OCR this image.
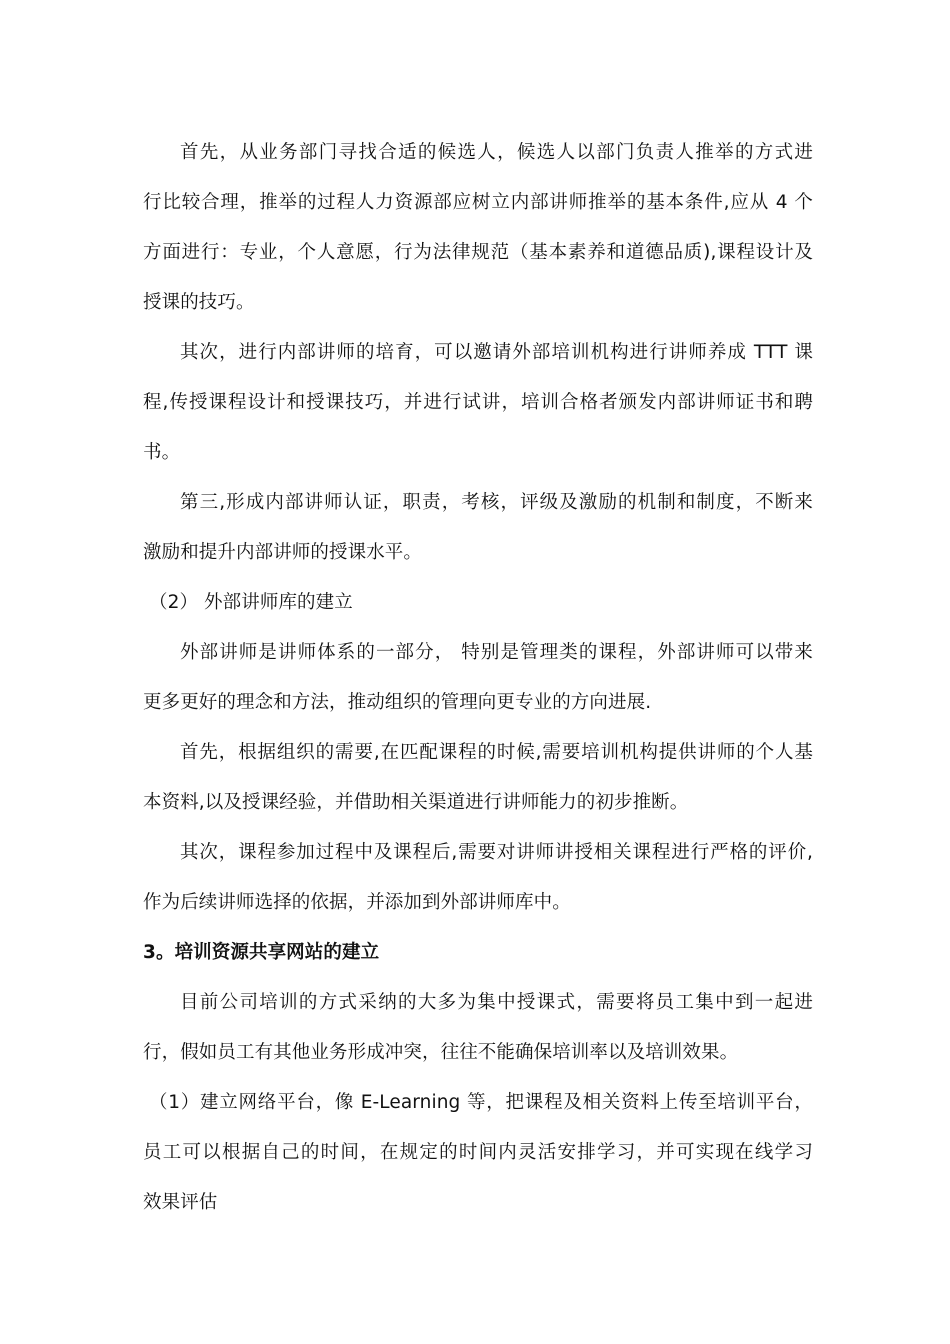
首先，从业务部门寻找合适的候选人，候选人以部门负责人推举的方式进
行比较合理，推举的过程人力资源部应树立内部讲师推举的基本条件,应从 4 个
方面进行：专业，个人意愿，行为法律规范（基本素养和道德品质),课程设计及
授课的技巧。
其次，进行内部讲师的培育，可以邀请外部培训机构进行讲师养成 TTT 课
程,传授课程设计和授课技巧，并进行试讲，培训合格者颁发内部讲师证书和聘
书。
第三,形成内部讲师认证，职责，考核，评级及激励的机制和制度，不断来
激励和提升内部讲师的授课水平。
（2） 外部讲师库的建立
外部讲师是讲师体系的一部分， 特别是管理类的课程，外部讲师可以带来
更多更好的理念和方法，推动组织的管理向更专业的方向进展.
首先，根据组织的需要,在匹配课程的时候,需要培训机构提供讲师的个人基
本资料,以及授课经验，并借助相关渠道进行讲师能力的初步推断。
其次，课程参加过程中及课程后,需要对讲师讲授相关课程进行严格的评价,
作为后续讲师选择的依据，并添加到外部讲师库中。
3。培训资源共享网站的建立
目前公司培训的方式采纳的大多为集中授课式，需要将员工集中到一起进
行，假如员工有其他业务形成冲突，往往不能确保培训率以及培训效果。
（1）建立网络平台，像 E-Learning 等，把课程及相关资料上传至培训平台，
员工可以根据自己的时间，在规定的时间内灵活安排学习，并可实现在线学习
效果评估
